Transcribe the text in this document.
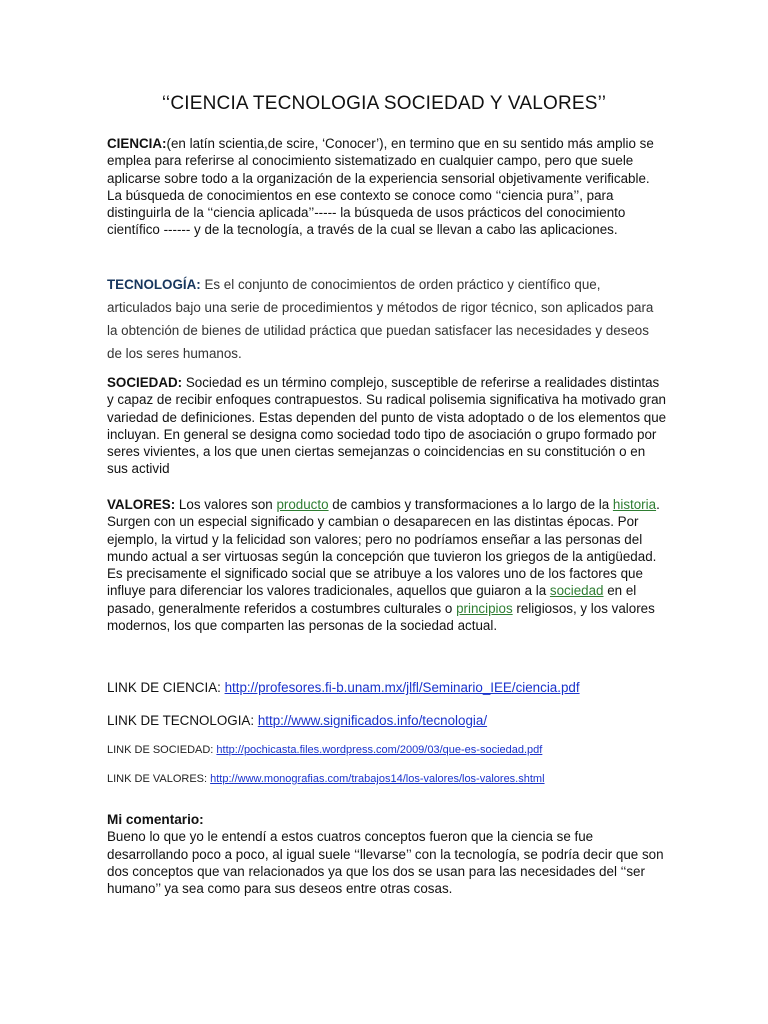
‘‘CIENCIA TECNOLOGIA SOCIEDAD Y VALORES’’
CIENCIA:(en latín scientia,de scire, ‘Conocer’), en termino que en su sentido más amplio se emplea para referirse al conocimiento sistematizado en cualquier campo, pero que suele aplicarse sobre todo a la organización de la experiencia sensorial objetivamente verificable. La búsqueda de conocimientos en ese contexto se conoce como ‘‘ciencia pura’’, para distinguirla de la ‘‘ciencia aplicada’’----- la búsqueda de usos prácticos del conocimiento científico ------ y de la tecnología, a través de la cual se llevan a cabo las aplicaciones.
TECNOLOGÍA: Es el conjunto de conocimientos de orden práctico y científico que, articulados bajo una serie de procedimientos y métodos de rigor técnico, son aplicados para la obtención de bienes de utilidad práctica que puedan satisfacer las necesidades y deseos de los seres humanos.
SOCIEDAD: Sociedad es un término complejo, susceptible de referirse a realidades distintas y capaz de recibir enfoques contrapuestos. Su radical polisemia significativa ha motivado gran variedad de definiciones. Estas dependen del punto de vista adoptado o de los elementos que incluyan. En general se designa como sociedad todo tipo de asociación o grupo formado por seres vivientes, a los que unen ciertas semejanzas o coincidencias en su constitución o en sus activid
VALORES: Los valores son producto de cambios y transformaciones a lo largo de la historia. Surgen con un especial significado y cambian o desaparecen en las distintas épocas. Por ejemplo, la virtud y la felicidad son valores; pero no podríamos enseñar a las personas del mundo actual a ser virtuosas según la concepción que tuvieron los griegos de la antigüedad. Es precisamente el significado social que se atribuye a los valores uno de los factores que influye para diferenciar los valores tradicionales, aquellos que guiaron a la sociedad en el pasado, generalmente referidos a costumbres culturales o principios religiosos, y los valores modernos, los que comparten las personas de la sociedad actual.
LINK DE CIENCIA: http://profesores.fi-b.unam.mx/jlfl/Seminario_IEE/ciencia.pdf
LINK DE TECNOLOGIA: http://www.significados.info/tecnologia/
LINK DE SOCIEDAD: http://pochicasta.files.wordpress.com/2009/03/que-es-sociedad.pdf
LINK DE VALORES: http://www.monografias.com/trabajos14/los-valores/los-valores.shtml
Mi comentario:
Bueno lo que yo le entendí a estos cuatros conceptos fueron que la ciencia se fue desarrollando poco a poco, al igual suele ‘‘llevarse’’ con la tecnología, se podría decir que son dos conceptos que van relacionados ya que los dos se usan para las necesidades del ‘‘ser humano’’ ya sea como para sus deseos entre otras cosas.
